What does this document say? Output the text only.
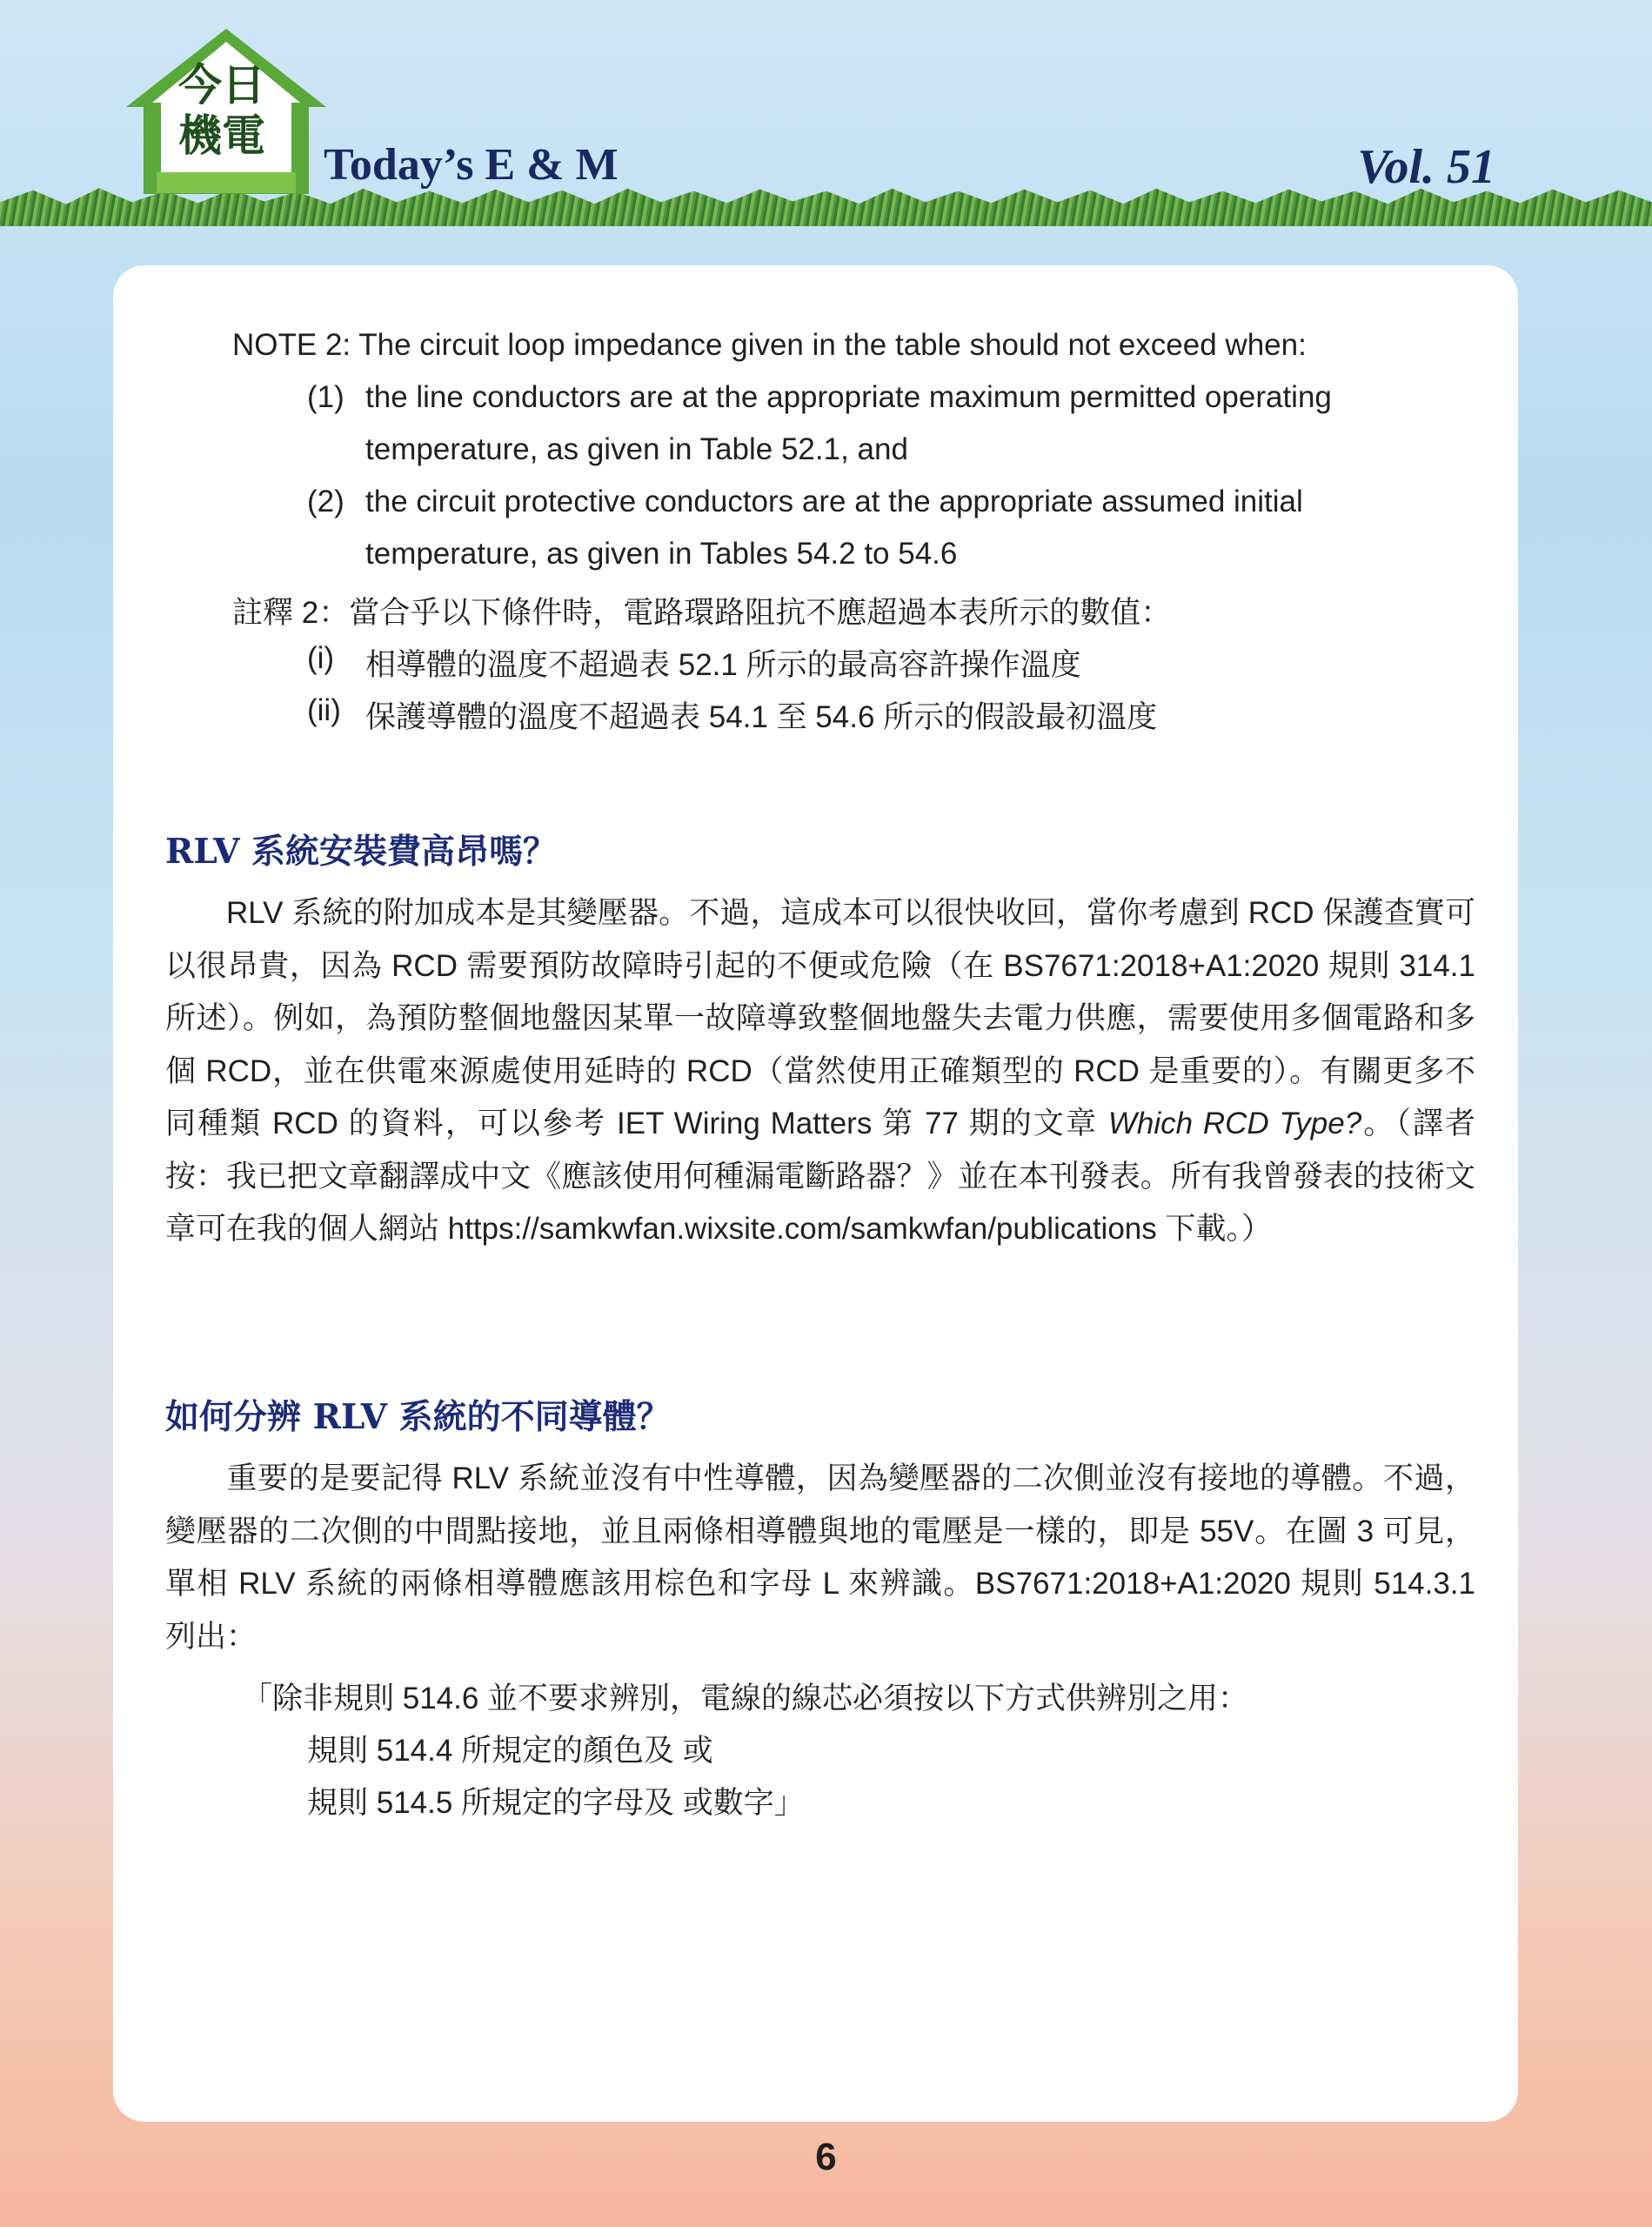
今日
機電
Today’s E & M	Vol. 51
NOTE 2: The circuit loop impedance given in the table should not exceed when:
(1) the line conductors are at the appropriate maximum permitted operating
temperature, as given in Table 52.1, and
(2) the circuit protective conductors are at the appropriate assumed initial
temperature, as given in Tables 54.2 to 54.6
註釋 2：當合乎以下條件時，電路環路阻抗不應超過本表所示的數值：
(i) 相導體的溫度不超過表 52.1 所示的最高容許操作溫度
(ii) 保護導體的溫度不超過表 54.1 至 54.6 所示的假設最初溫度
RLV 系統安裝費高昂嗎？
RLV 系統的附加成本是其變壓器。不過，這成本可以很快收回，當你考慮到 RCD 保護查實可以很昂貴，因為 RCD 需要預防故障時引起的不便或危險（在 BS7671:2018+A1:2020 規則 314.1 所述）。例如，為預防整個地盤因某單一故障導致整個地盤失去電力供應，需要使用多個電路和多個 RCD，並在供電來源處使用延時的 RCD（當然使用正確類型的 RCD 是重要的）。有關更多不同種類 RCD 的資料，可以參考 IET Wiring Matters 第 77 期的文章 Which RCD Type?。（譯者按：我已把文章翻譯成中文《應該使用何種漏電斷路器？》並在本刊發表。所有我曾發表的技術文章可在我的個人網站 https://samkwfan.wixsite.com/samkwfan/publications 下載。）
如何分辨 RLV 系統的不同導體？
重要的是要記得 RLV 系統並沒有中性導體，因為變壓器的二次側並沒有接地的導體。不過，變壓器的二次側的中間點接地，並且兩條相導體與地的電壓是一樣的，即是 55V。在圖 3 可見，單相 RLV 系統的兩條相導體應該用棕色和字母 L 來辨識。BS7671:2018+A1:2020 規則 514.3.1 列出：
「除非規則 514.6 並不要求辨別，電線的線芯必須按以下方式供辨別之用：
規則 514.4 所規定的顏色及 或
規則 514.5 所規定的字母及 或數字」
6
